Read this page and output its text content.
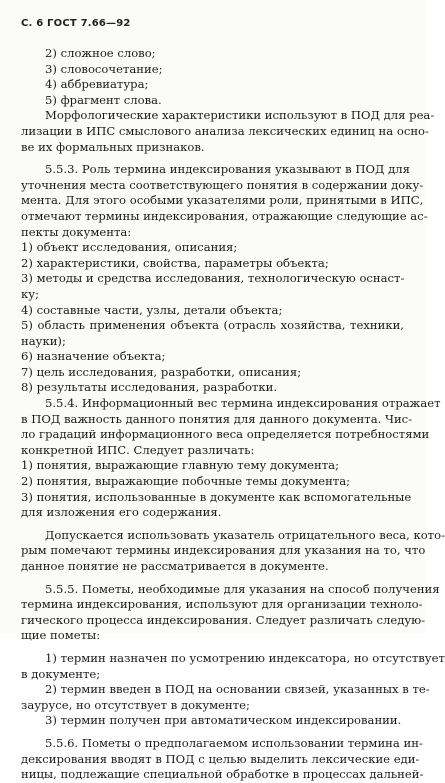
С. 6 ГОСТ 7.66—92
2) сложное слово;
3) словосочетание;
4) аббревиатура;
5) фрагмент слова.
Морфологические характеристики используют в ПОД для реа-
лизации в ИПС смыслового анализа лексических единиц на осно-
ве их формальных признаков.
5.5.3. Роль термина индексирования указывают в ПОД для
уточнения места соответствующего понятия в содержании доку-
мента. Для этого особыми указателями роли, принятыми в ИПС,
отмечают термины индексирования, отражающие следующие ас-
пекты документа:
1) объект исследования, описания;
2) характеристики, свойства, параметры объекта;
3) методы и средства исследования, технологическую оснаст-
ку;
4) составные части, узлы, детали объекта;
5) область применения объекта (отрасль хозяйства, техники,
науки);
6) назначение объекта;
7) цель исследования, разработки, описания;
8) результаты исследования, разработки.
5.5.4. Информационный вес термина индексирования отражает
в ПОД важность данного понятия для данного документа. Чис-
ло градаций информационного веса определяется потребностями
конкретной ИПС. Следует различать:
1) понятия, выражающие главную тему документа;
2) понятия, выражающие побочные темы документа;
3) понятия, использованные в документе как вспомогательные
для изложения его содержания.
Допускается использовать указатель отрицательного веса, кото-
рым помечают термины индексирования для указания на то, что
данное понятие не рассматривается в документе.
5.5.5. Пометы, необходимые для указания на способ получения
термина индексирования, используют для организации техноло-
гического процесса индексирования. Следует различать следую-
щие пометы:
1) термин назначен по усмотрению индексатора, но отсутствует
в документе;
2) термин введен в ПОД на основании связей, указанных в те-
заурусе, но отсутствует в документе;
3) термин получен при автоматическом индексировании.
5.5.6. Пометы о предполагаемом использовании термина ин-
дексирования вводят в ПОД с целью выделить лексические еди-
ницы, подлежащие специальной обработке в процессах дальней-
